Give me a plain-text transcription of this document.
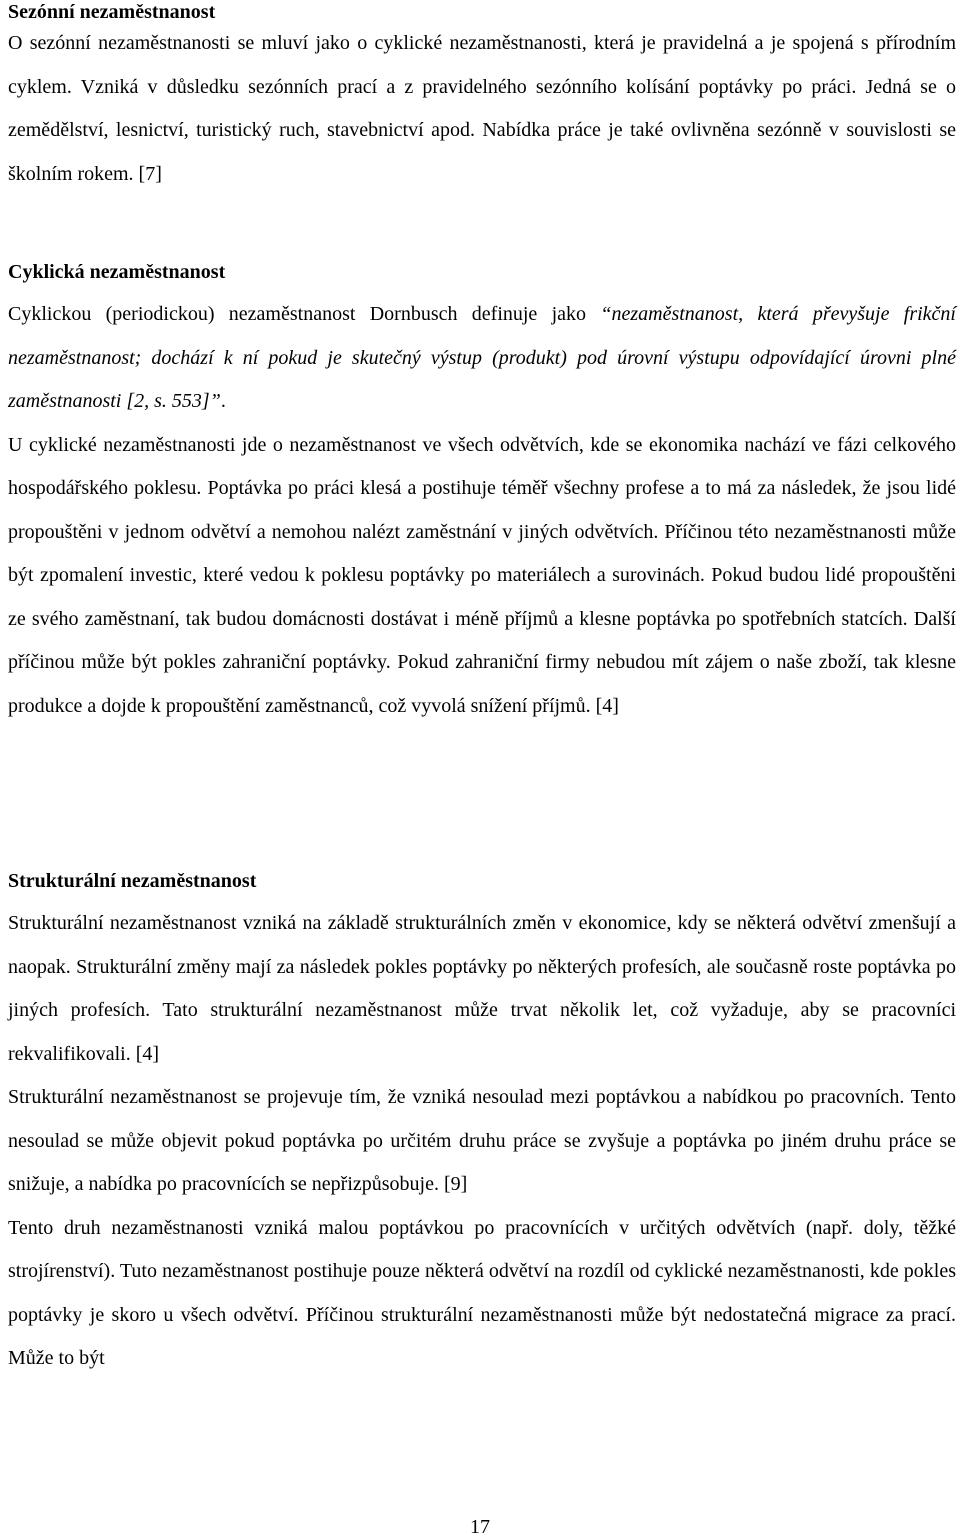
Sezónní nezaměstnanost

O sezónní nezaměstnanosti se mluví jako o cyklické nezaměstnanosti, která je pravidelná a je spojená s přírodním cyklem. Vzniká v důsledku sezónních prací a z pravidelného sezónního kolísání poptávky po práci. Jedná se o zemědělství, lesnictví, turistický ruch, stavebnictví apod. Nabídka práce je také ovlivněna sezónně v souvislosti se školním rokem. [7]

Cyklická nezaměstnanost

Cyklickou (periodickou) nezaměstnanost Dornbusch definuje jako “nezaměstnanost, která převyšuje frikční nezaměstnanost; dochází k ní pokud je skutečný výstup (produkt) pod úrovní výstupu odpovídající úrovni plné zaměstnanosti [2, s. 553]”.

U cyklické nezaměstnanosti jde o nezaměstnanost ve všech odvětvích, kde se ekonomika nachází ve fázi celkového hospodářského poklesu. Poptávka po práci klesá a postihuje téměř všechny profese a to má za následek, že jsou lidé propouštěni v jednom odvětví a nemohou nalézt zaměstnání v jiných odvětvích. Příčinou této nezaměstnanosti může být zpomalení investic, které vedou k poklesu poptávky po materiálech a surovinách. Pokud budou lidé propouštěni ze svého zaměstnaní, tak budou domácnosti dostávat i méně příjmů a klesne poptávka po spotřebních statcích. Další příčinou může být pokles zahraniční poptávky. Pokud zahraniční firmy nebudou mít zájem o naše zboží, tak klesne produkce a dojde k propouštění zaměstnanců, což vyvolá snížení příjmů. [4]

Strukturální nezaměstnanost

Strukturální nezaměstnanost vzniká na základě strukturálních změn v ekonomice, kdy se některá odvětví zmenšují a naopak. Strukturální změny mají za následek pokles poptávky po některých profesích, ale současně roste poptávka po jiných profesích. Tato strukturální nezaměstnanost může trvat několik let, což vyžaduje, aby se pracovníci rekvalifikovali. [4]

Strukturální nezaměstnanost se projevuje tím, že vzniká nesoulad mezi poptávkou a nabídkou po pracovních. Tento nesoulad se může objevit pokud poptávka po určitém druhu práce se zvyšuje a poptávka po jiném druhu práce se snižuje, a nabídka po pracovnících se nepřizpůsobuje. [9]

Tento druh nezaměstnanosti vzniká malou poptávkou po pracovnících v určitých odvětvích (např. doly, těžké strojírenství). Tuto nezaměstnanost postihuje pouze některá odvětví na rozdíl od cyklické nezaměstnanosti, kde pokles poptávky je skoro u všech odvětví. Příčinou strukturální nezaměstnanosti může být nedostatečná migrace za prací. Může to být

17
